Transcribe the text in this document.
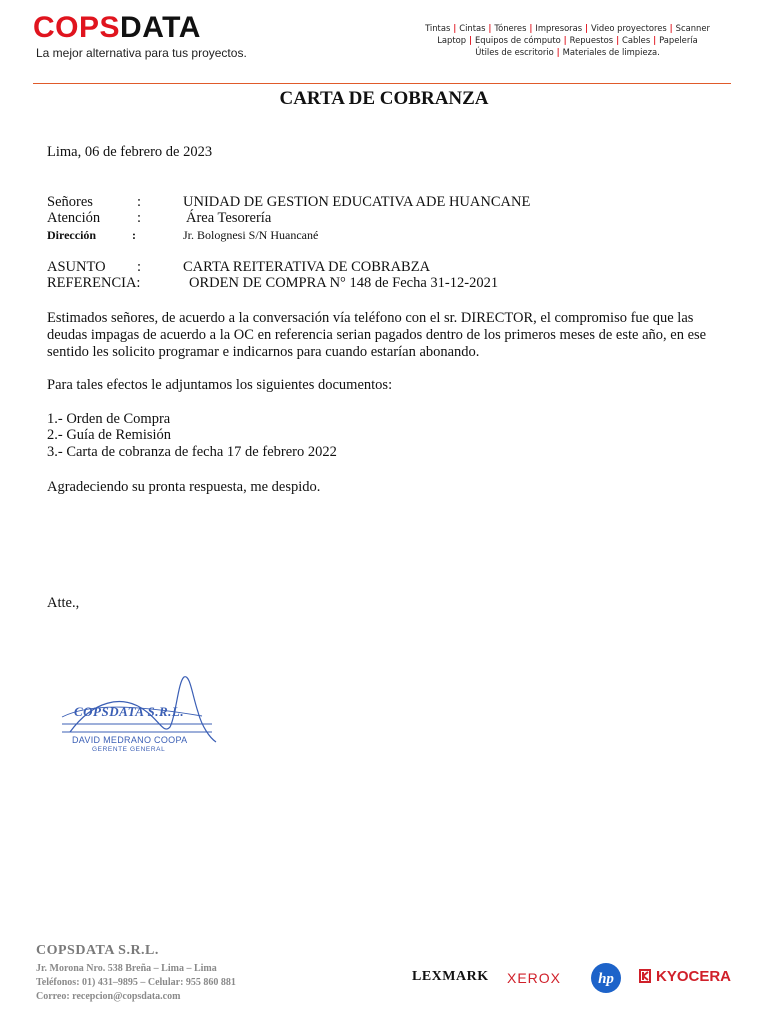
COPSDATA
La mejor alternativa para tus proyectos.
Tintas | Cintas | Tóneres | Impresoras | Video proyectores | Scanner
Laptop | Equipos de cómputo | Repuestos | Cables | Papelería
Útiles de escritorio | Materiales de limpieza.
CARTA DE COBRANZA
Lima, 06 de febrero de 2023
Señores	:	UNIDAD DE GESTION EDUCATIVA ADE HUANCANE
Atención	:	Área Tesorería
Dirección	:	Jr. Bolognesi S/N Huancané
ASUNTO :	CARTA REITERATIVA DE COBRABZA
REFERENCIA:	ORDEN DE COMPRA N° 148 de Fecha 31-12-2021
Estimados señores, de acuerdo a la conversación vía teléfono con el sr. DIRECTOR, el compromiso fue que las deudas impagas de acuerdo a la OC en referencia serian pagados dentro de los primeros meses de este año, en ese sentido les solicito programar e indicarnos para cuando estarían abonando.
Para tales efectos le adjuntamos los siguientes documentos:
1.- Orden de Compra
2.- Guía de Remisión
3.- Carta de cobranza de fecha 17 de febrero 2022
Agradeciendo su pronta respuesta, me despido.
Atte.,
COPSDATA S.R.L.
DAVID MEDRANO COOPA
GERENTE GENERAL
COPSDATA S.R.L.
Jr. Morona Nro. 538 Breña – Lima – Lima
Teléfonos: 01) 431–9895 – Celular: 955 860 881
Correo: recepcion@copsdata.com
LEXMARK XEROX hp	KYOCERA
